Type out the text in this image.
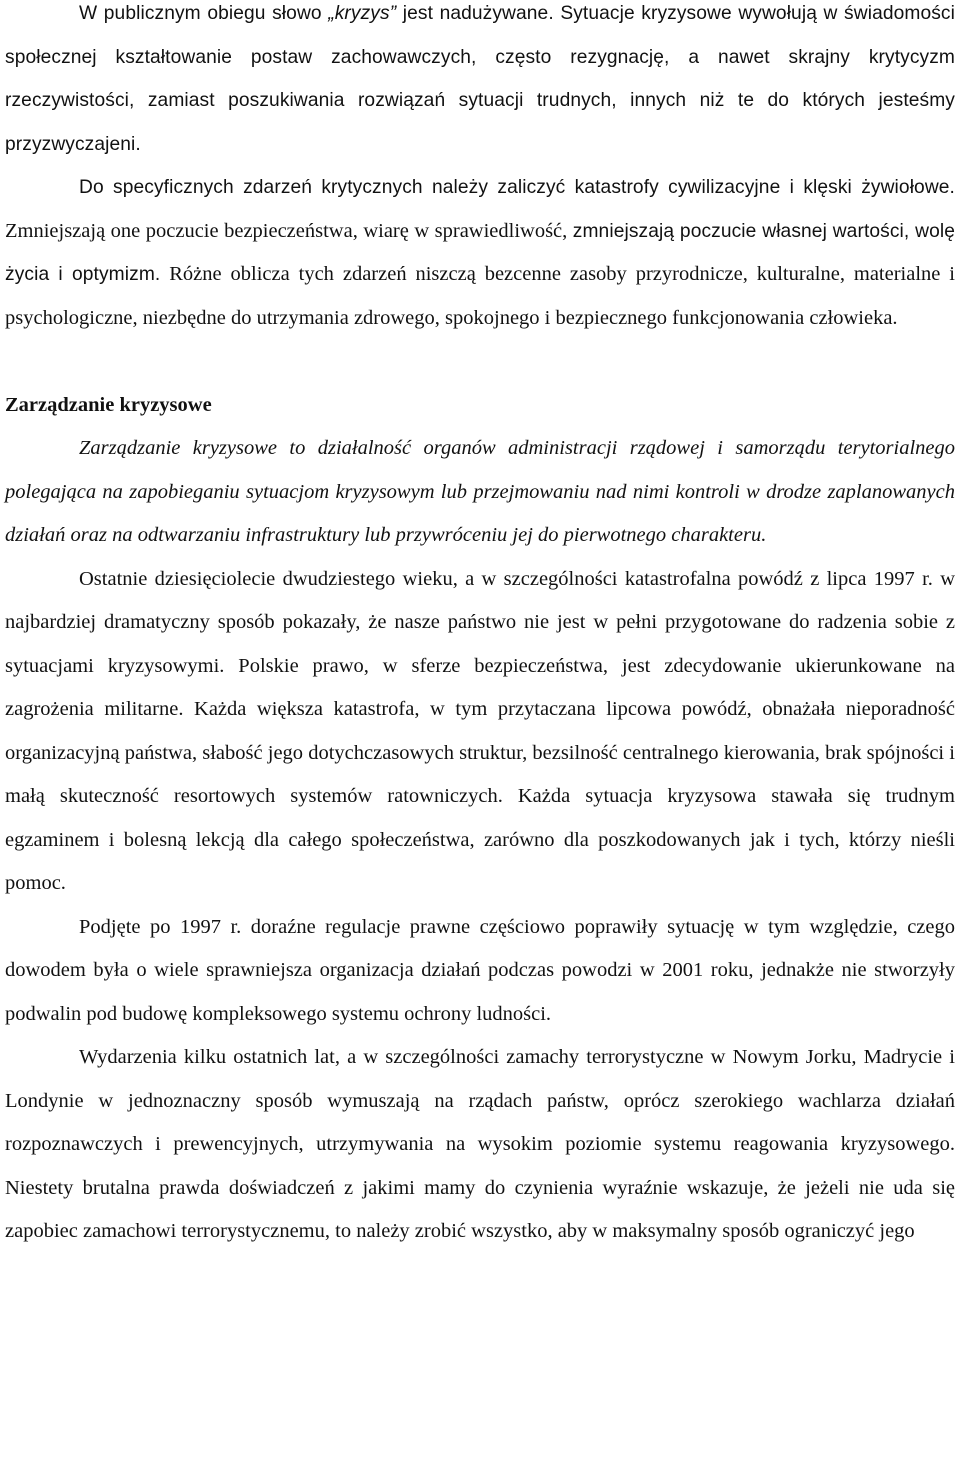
W publicznym obiegu słowo „kryzys” jest nadużywane. Sytuacje kryzysowe wywołują w świadomości społecznej kształtowanie postaw zachowawczych, często rezygnację, a nawet skrajny krytycyzm rzeczywistości, zamiast poszukiwania rozwiązań sytuacji trudnych, innych niż te do których jesteśmy przyzwyczajeni.

Do specyficznych zdarzeń krytycznych należy zaliczyć katastrofy cywilizacyjne i klęski żywiołowe. Zmniejszają one poczucie bezpieczeństwa, wiarę w sprawiedliwość, zmniejszają poczucie własnej wartości, wolę życia i optymizm. Różne oblicza tych zdarzeń niszczą bezcenne zasoby przyrodnicze, kulturalne, materialne i psychologiczne, niezbędne do utrzymania zdrowego, spokojnego i bezpiecznego funkcjonowania człowieka.

Zarządzanie kryzysowe

Zarządzanie kryzysowe to działalność organów administracji rządowej i samorządu terytorialnego polegająca na zapobieganiu sytuacjom kryzysowym lub przejmowaniu nad nimi kontroli w drodze zaplanowanych działań oraz na odtwarzaniu infrastruktury lub przywróceniu jej do pierwotnego charakteru.

Ostatnie dziesięciolecie dwudziestego wieku, a w szczególności katastrofalna powódź z lipca 1997 r. w najbardziej dramatyczny sposób pokazały, że nasze państwo nie jest w pełni przygotowane do radzenia sobie z sytuacjami kryzysowymi. Polskie prawo, w sferze bezpieczeństwa, jest zdecydowanie ukierunkowane na zagrożenia militarne. Każda większa katastrofa, w tym przytaczana lipcowa powódź, obnażała nieporadność organizacyjną państwa, słabość jego dotychczasowych struktur, bezsilność centralnego kierowania, brak spójności i małą skuteczność resortowych systemów ratowniczych. Każda sytuacja kryzysowa stawała się trudnym egzaminem i bolesną lekcją dla całego społeczeństwa, zarówno dla poszkodowanych jak i tych, którzy nieśli pomoc.

Podjęte po 1997 r. doraźne regulacje prawne częściowo poprawiły sytuację w tym względzie, czego dowodem była o wiele sprawniejsza organizacja działań podczas powodzi w 2001 roku, jednakże nie stworzyły podwalin pod budowę kompleksowego systemu ochrony ludności.

Wydarzenia kilku ostatnich lat, a w szczególności zamachy terrorystyczne w Nowym Jorku, Madrycie i Londynie w jednoznaczny sposób wymuszają na rządach państw, oprócz szerokiego wachlarza działań rozpoznawczych i prewencyjnych, utrzymywania na wysokim poziomie systemu reagowania kryzysowego. Niestety brutalna prawda doświadczeń z jakimi mamy do czynienia wyraźnie wskazuje, że jeżeli nie uda się zapobiec zamachowi terrorystycznemu, to należy zrobić wszystko, aby w maksymalny sposób ograniczyć jego
